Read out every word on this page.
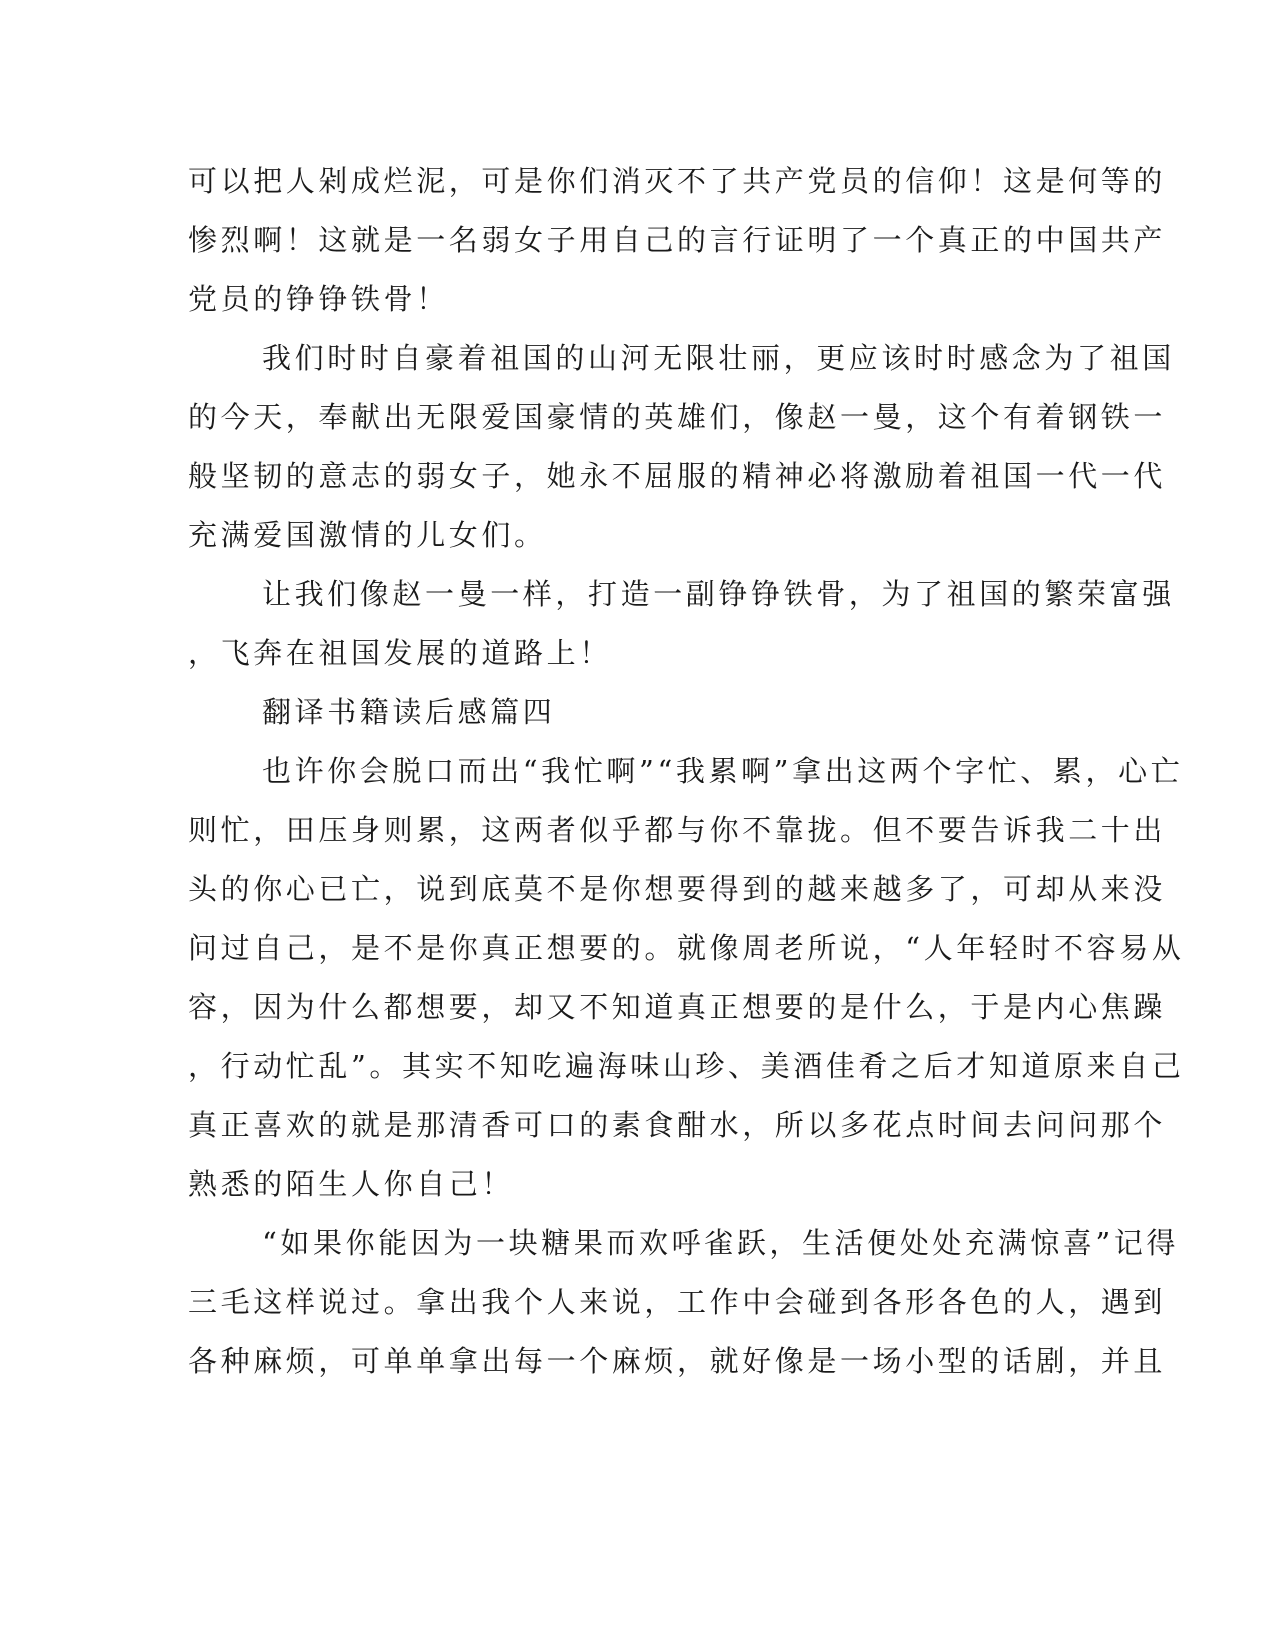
可以把人剁成烂泥，可是你们消灭不了共产党员的信仰！这是何等的
惨烈啊！这就是一名弱女子用自己的言行证明了一个真正的中国共产
党员的铮铮铁骨！
我们时时自豪着祖国的山河无限壮丽，更应该时时感念为了祖国
的今天，奉献出无限爱国豪情的英雄们，像赵一曼，这个有着钢铁一
般坚韧的意志的弱女子，她永不屈服的精神必将激励着祖国一代一代
充满爱国激情的儿女们。
让我们像赵一曼一样，打造一副铮铮铁骨，为了祖国的繁荣富强
，飞奔在祖国发展的道路上！
翻译书籍读后感篇四
也许你会脱口而出“我忙啊”“我累啊”拿出这两个字忙、累，心亡
则忙，田压身则累，这两者似乎都与你不靠拢。但不要告诉我二十出
头的你心已亡，说到底莫不是你想要得到的越来越多了，可却从来没
问过自己，是不是你真正想要的。就像周老所说，“人年轻时不容易从
容，因为什么都想要，却又不知道真正想要的是什么，于是内心焦躁
，行动忙乱”。其实不知吃遍海味山珍、美酒佳肴之后才知道原来自己
真正喜欢的就是那清香可口的素食酣水，所以多花点时间去问问那个
熟悉的陌生人你自己！
“如果你能因为一块糖果而欢呼雀跃，生活便处处充满惊喜”记得
三毛这样说过。拿出我个人来说，工作中会碰到各形各色的人，遇到
各种麻烦，可单单拿出每一个麻烦，就好像是一场小型的话剧，并且
